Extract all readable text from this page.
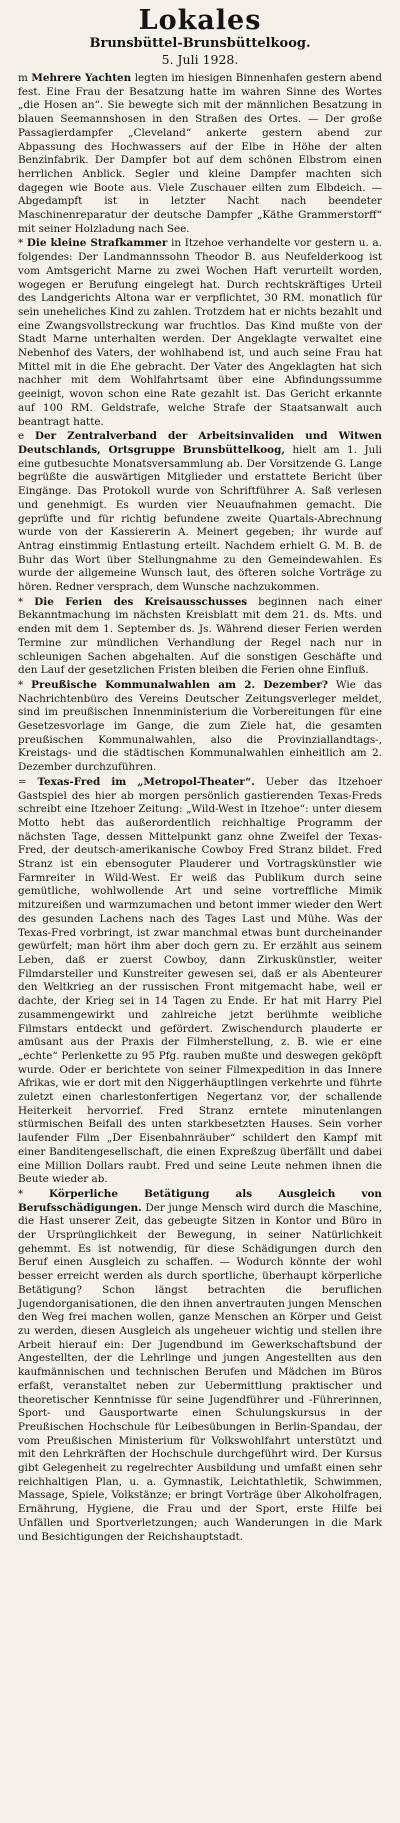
Lokales
Brunsbüttel-Brunsbüttelkoog.
5. Juli 1928.

m Mehrere Yachten legten im hiesigen Binnenhafen gestern abend fest. Eine Frau der Besatzung hatte im wahren Sinne des Wortes „die Hosen an“. Sie bewegte sich mit der männlichen Besatzung in blauen Seemannshosen in den Straßen des Ortes. — Der große Passagierdampfer „Cleveland“ ankerte gestern abend zur Abpassung des Hochwassers auf der Elbe in Höhe der alten Benzinfabrik. Der Dampfer bot auf dem schönen Elbstrom einen herrlichen Anblick. Segler und kleine Dampfer machten sich dagegen wie Boote aus. Viele Zuschauer eilten zum Elbdeich. — Abgedampft ist in letzter Nacht nach beendeter Maschinenreparatur der deutsche Dampfer „Käthe Grammerstorff“ mit seiner Holzladung nach See.

* Die kleine Strafkammer in Itzehoe verhandelte vor gestern u. a. folgendes: Der Landmannssohn Theodor B. aus Neufelderkoog ist vom Amtsgericht Marne zu zwei Wochen Haft verurteilt worden, wogegen er Berufung eingelegt hat. Durch rechtskräftiges Urteil des Landgerichts Altona war er verpflichtet, 30 RM. monatlich für sein uneheliches Kind zu zahlen. Trotzdem hat er nichts bezahlt und eine Zwangsvollstreckung war fruchtlos. Das Kind mußte von der Stadt Marne unterhalten werden. Der Angeklagte verwaltet eine Nebenhof des Vaters, der wohlhabend ist, und auch seine Frau hat Mittel mit in die Ehe gebracht. Der Vater des Angeklagten hat sich nachher mit dem Wohlfahrtsamt über eine Abfindungssumme geeinigt, wovon schon eine Rate gezahlt ist. Das Gericht erkannte auf 100 RM. Geldstrafe, welche Strafe der Staatsanwalt auch beantragt hatte.

e Der Zentralverband der Arbeitsinvaliden und Witwen Deutschlands, Ortsgruppe Brunsbüttelkoog, hielt am 1. Juli eine gutbesuchte Monatsversammlung ab. Der Vorsitzende G. Lange begrüßte die auswärtigen Mitglieder und erstattete Bericht über Eingänge. Das Protokoll wurde von Schriftführer A. Saß verlesen und genehmigt. Es wurden vier Neuaufnahmen gemacht. Die geprüfte und für richtig befundene zweite Quartals-Abrechnung wurde von der Kassiererin A. Meinert gegeben; ihr wurde auf Antrag einstimmig Entlastung erteilt. Nachdem erhielt G. M. B. de Buhr das Wort über Stellungnahme zu den Gemeindewahlen. Es wurde der allgemeine Wunsch laut, des öfteren solche Vorträge zu hören. Redner versprach, dem Wunsche nachzukommen.

* Die Ferien des Kreisausschusses beginnen nach einer Bekanntmachung im nächsten Kreisblatt mit dem 21. ds. Mts. und enden mit dem 1. September ds. Js. Während dieser Ferien werden Termine zur mündlichen Verhandlung der Regel nach nur in schleunigen Sachen abgehalten. Auf die sonstigen Geschäfte und den Lauf der gesetzlichen Fristen bleiben die Ferien ohne Einfluß.

* Preußische Kommunalwahlen am 2. Dezember? Wie das Nachrichtenbüro des Vereins Deutscher Zeitungsverleger meldet, sind im preußischen Innenministerium die Vorbereitungen für eine Gesetzesvorlage im Gange, die zum Ziele hat, die gesamten preußischen Kommunalwahlen, also die Provinziallandtags-, Kreistags- und die städtischen Kommunalwahlen einheitlich am 2. Dezember durchzuführen.

= Texas-Fred im „Metropol-Theater“. Ueber das Itzehoer Gastspiel des hier ab morgen persönlich gastierenden Texas-Freds schreibt eine Itzehoer Zeitung: „Wild-West in Itzehoe“: unter diesem Motto hebt das außerordentlich reichhaltige Programm der nächsten Tage, dessen Mittelpunkt ganz ohne Zweifel der Texas-Fred, der deutsch-amerikanische Cowboy Fred Stranz bildet. Fred Stranz ist ein ebensoguter Plauderer und Vortragskünstler wie Farmreiter in Wild-West. Er weiß das Publikum durch seine gemütliche, wohlwollende Art und seine vortreffliche Mimik mitzureißen und warmzumachen und betont immer wieder den Wert des gesunden Lachens nach des Tages Last und Mühe. Was der Texas-Fred vorbringt, ist zwar manchmal etwas bunt durcheinander gewürfelt; man hört ihm aber doch gern zu. Er erzählt aus seinem Leben, daß er zuerst Cowboy, dann Zirkuskünstler, weiter Filmdarsteller und Kunstreiter gewesen sei, daß er als Abenteurer den Weltkrieg an der russischen Front mitgemacht habe, weil er dachte, der Krieg sei in 14 Tagen zu Ende. Er hat mit Harry Piel zusammengewirkt und zahlreiche jetzt berühmte weibliche Filmstars entdeckt und gefördert. Zwischendurch plauderte er amüsant aus der Praxis der Filmherstellung, z. B. wie er eine „echte“ Perlenkette zu 95 Pfg. rauben mußte und deswegen geköpft wurde. Oder er berichtete von seiner Filmexpedition in das Innere Afrikas, wie er dort mit den Niggerhäuptlingen verkehrte und führte zuletzt einen charlestonfertigen Negertanz vor, der schallende Heiterkeit hervorrief. Fred Stranz erntete minutenlangen stürmischen Beifall des unten starkbesetzten Hauses. Sein vorher laufender Film „Der Eisenbahnräuber“ schildert den Kampf mit einer Banditengesellschaft, die einen Expreßzug überfällt und dabei eine Million Dollars raubt. Fred und seine Leute nehmen ihnen die Beute wieder ab.

* Körperliche Betätigung als Ausgleich von Berufsschädigungen. Der junge Mensch wird durch die Maschine, die Hast unserer Zeit, das gebeugte Sitzen in Kontor und Büro in der Ursprünglichkeit der Bewegung, in seiner Natürlichkeit gehemmt. Es ist notwendig, für diese Schädigungen durch den Beruf einen Ausgleich zu schaffen. — Wodurch könnte der wohl besser erreicht werden als durch sportliche, überhaupt körperliche Betätigung? Schon längst betrachten die beruflichen Jugendorganisationen, die den ihnen anvertrauten jungen Menschen den Weg frei machen wollen, ganze Menschen an Körper und Geist zu werden, diesen Ausgleich als ungeheuer wichtig und stellen ihre Arbeit hierauf ein: Der Jugendbund im Gewerkschaftsbund der Angestellten, der die Lehrlinge und jungen Angestellten aus den kaufmännischen und technischen Berufen und Mädchen im Büros erfaßt, veranstaltet neben zur Uebermittlung praktischer und theoretischer Kenntnisse für seine Jugendführer und -Führerinnen, Sport- und Gausportwarte einen Schulungskursus in der Preußischen Hochschule für Leibesübungen in Berlin-Spandau, der vom Preußischen Ministerium für Volkswohlfahrt unterstützt und mit den Lehrkräften der Hochschule durchgeführt wird. Der Kursus gibt Gelegenheit zu regelrechter Ausbildung und umfaßt einen sehr reichhaltigen Plan, u. a. Gymnastik, Leichtathletik, Schwimmen, Massage, Spiele, Volkstänze; er bringt Vorträge über Alkoholfragen, Ernährung, Hygiene, die Frau und der Sport, erste Hilfe bei Unfällen und Sportverletzungen; auch Wanderungen in die Mark und Besichtigungen der Reichshauptstadt.
